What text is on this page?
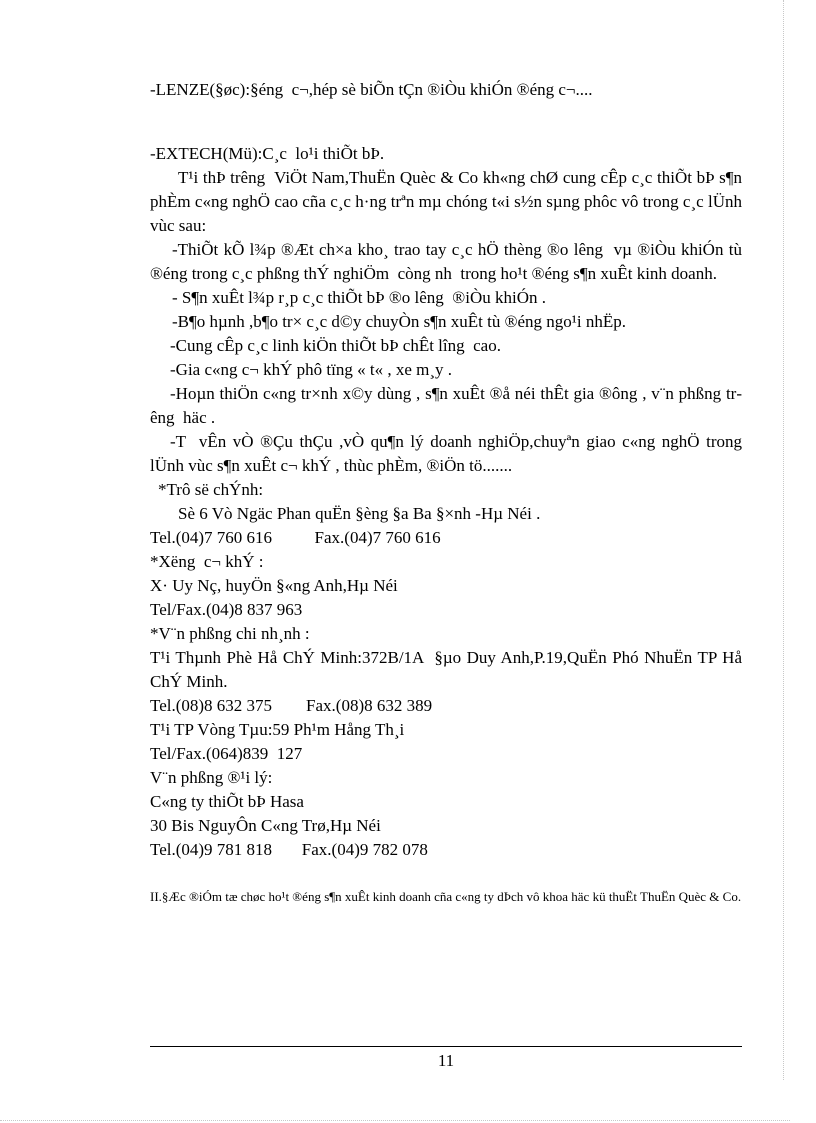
-LENZE(§øc):§éng  c¬,hép sè biÕn tÇn ®iÒu khiÓn ®éng c¬....

-EXTECH(Mü):C¸c  lo¹i thiÕt bÞ.

T¹i thÞ trêng  ViÖt Nam,ThuËn Quèc & Co kh«ng chØ cung cÊp c¸c thiÕt bÞ s¶n phÈm c«ng nghÖ cao cña c¸c h·ng trªn mµ chóng t«i s½n sµng phôc vô trong c¸c lÜnh vùc sau:

-ThiÕt kÕ l¾p ®Æt ch×a kho¸ trao tay c¸c hÖ thèng ®o lêng  vµ ®iÒu khiÓn tù ®éng trong c¸c phßng thÝ nghiÖm  còng nh  trong ho¹t ®éng s¶n xuÊt kinh doanh.

- S¶n xuÊt l¾p r¸p c¸c thiÕt bÞ ®o lêng  ®iÒu khiÓn .

-B¶o hµnh ,b¶o tr× c¸c d©y chuyÒn s¶n xuÊt tù ®éng ngo¹i nhËp.

-Cung cÊp c¸c linh kiÖn thiÕt bÞ chÊt lîng  cao.

-Gia c«ng c¬ khÝ phô tïng « t« , xe m¸y .

-Hoµn thiÖn c«ng tr×nh x©y dùng , s¶n xuÊt ®å néi thÊt gia ®ông , v¨n phßng trêng  häc .

-T  vÊn vÒ ®Çu thÇu ,vÒ qu¶n lý doanh nghiÖp,chuyªn giao c«ng nghÖ trong lÜnh vùc s¶n xuÊt c¬ khÝ , thùc phÈm, ®iÖn tö.......

*Trô së chÝnh:

Sè 6 Vò Ngäc Phan quËn §èng §a Ba §×nh -Hµ Néi .

Tel.(04)7 760 616          Fax.(04)7 760 616

*Xëng  c¬ khÝ :

X· Uy Nç, huyÖn §«ng Anh,Hµ Néi

Tel/Fax.(04)8 837 963

*V¨n phßng chi nh¸nh :

T¹i Thµnh Phè Hå ChÝ Minh:372B/1A  §µo Duy Anh,P.19,QuËn Phó NhuËn TP Hå ChÝ Minh.

Tel.(08)8 632 375        Fax.(08)8 632 389

T¹i TP Vòng Tµu:59 Ph¹m Hång Th¸i

Tel/Fax.(064)839  127

V¨n phßng ®¹i lý:

C«ng ty thiÕt bÞ Hasa

30 Bis NguyÔn C«ng Trø,Hµ Néi

Tel.(04)9 781 818       Fax.(04)9 782 078

II.§Æc ®iÓm tæ chøc ho¹t ®éng s¶n xuÊt kinh doanh cña c«ng ty dÞch vô khoa häc kü thuËt ThuËn Quèc & Co.

11
